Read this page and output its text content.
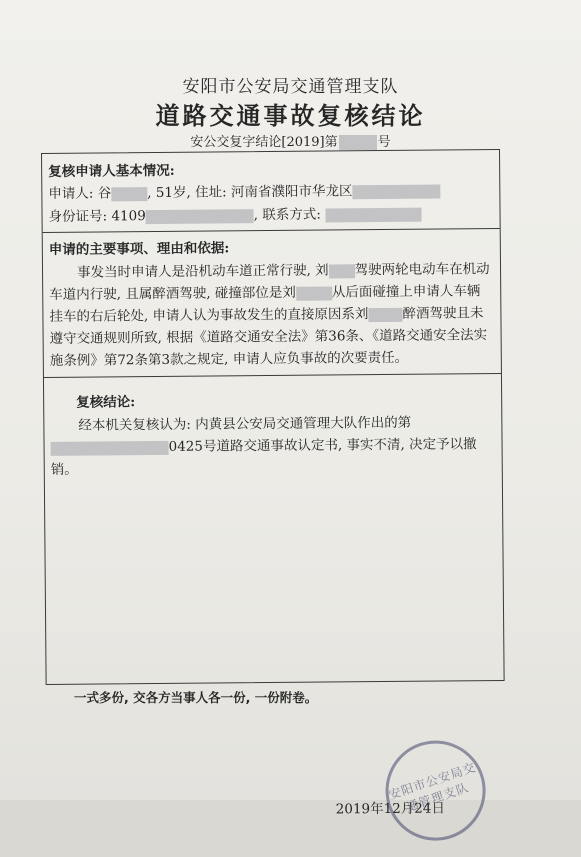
安阳市公安局交通管理支队
道路交通事故复核结论
安公交复字结论[2019]第	号
复核申请人基本情况:
申请人: 谷	, 51岁, 住址: 河南省濮阳市华龙区
身份证号: 4109	, 联系方式:
申请的主要事项、理由和依据:
事发当时申请人是沿机动车道正常行驶, 刘 驾驶两轮电动车在机动车道内行驶, 且属醉酒驾驶, 碰撞部位是刘	从后面碰撞上申请人车辆挂车的右后轮处, 申请人认为事故发生的直接原因系刘	醉酒驾驶且未遵守交通规则所致, 根据《道路交通安全法》第36条、《道路交通安全法实施条例》第72条第3款之规定, 申请人应负事故的次要责任。
复核结论:
经本机关复核认为: 内黄县公安局交通管理大队作出的第0425号道路交通事故认定书, 事实不清, 决定予以撤销。
安阳市公安局交通管理支队
2019年12月24日
一式多份, 交各方当事人各一份, 一份附卷。
